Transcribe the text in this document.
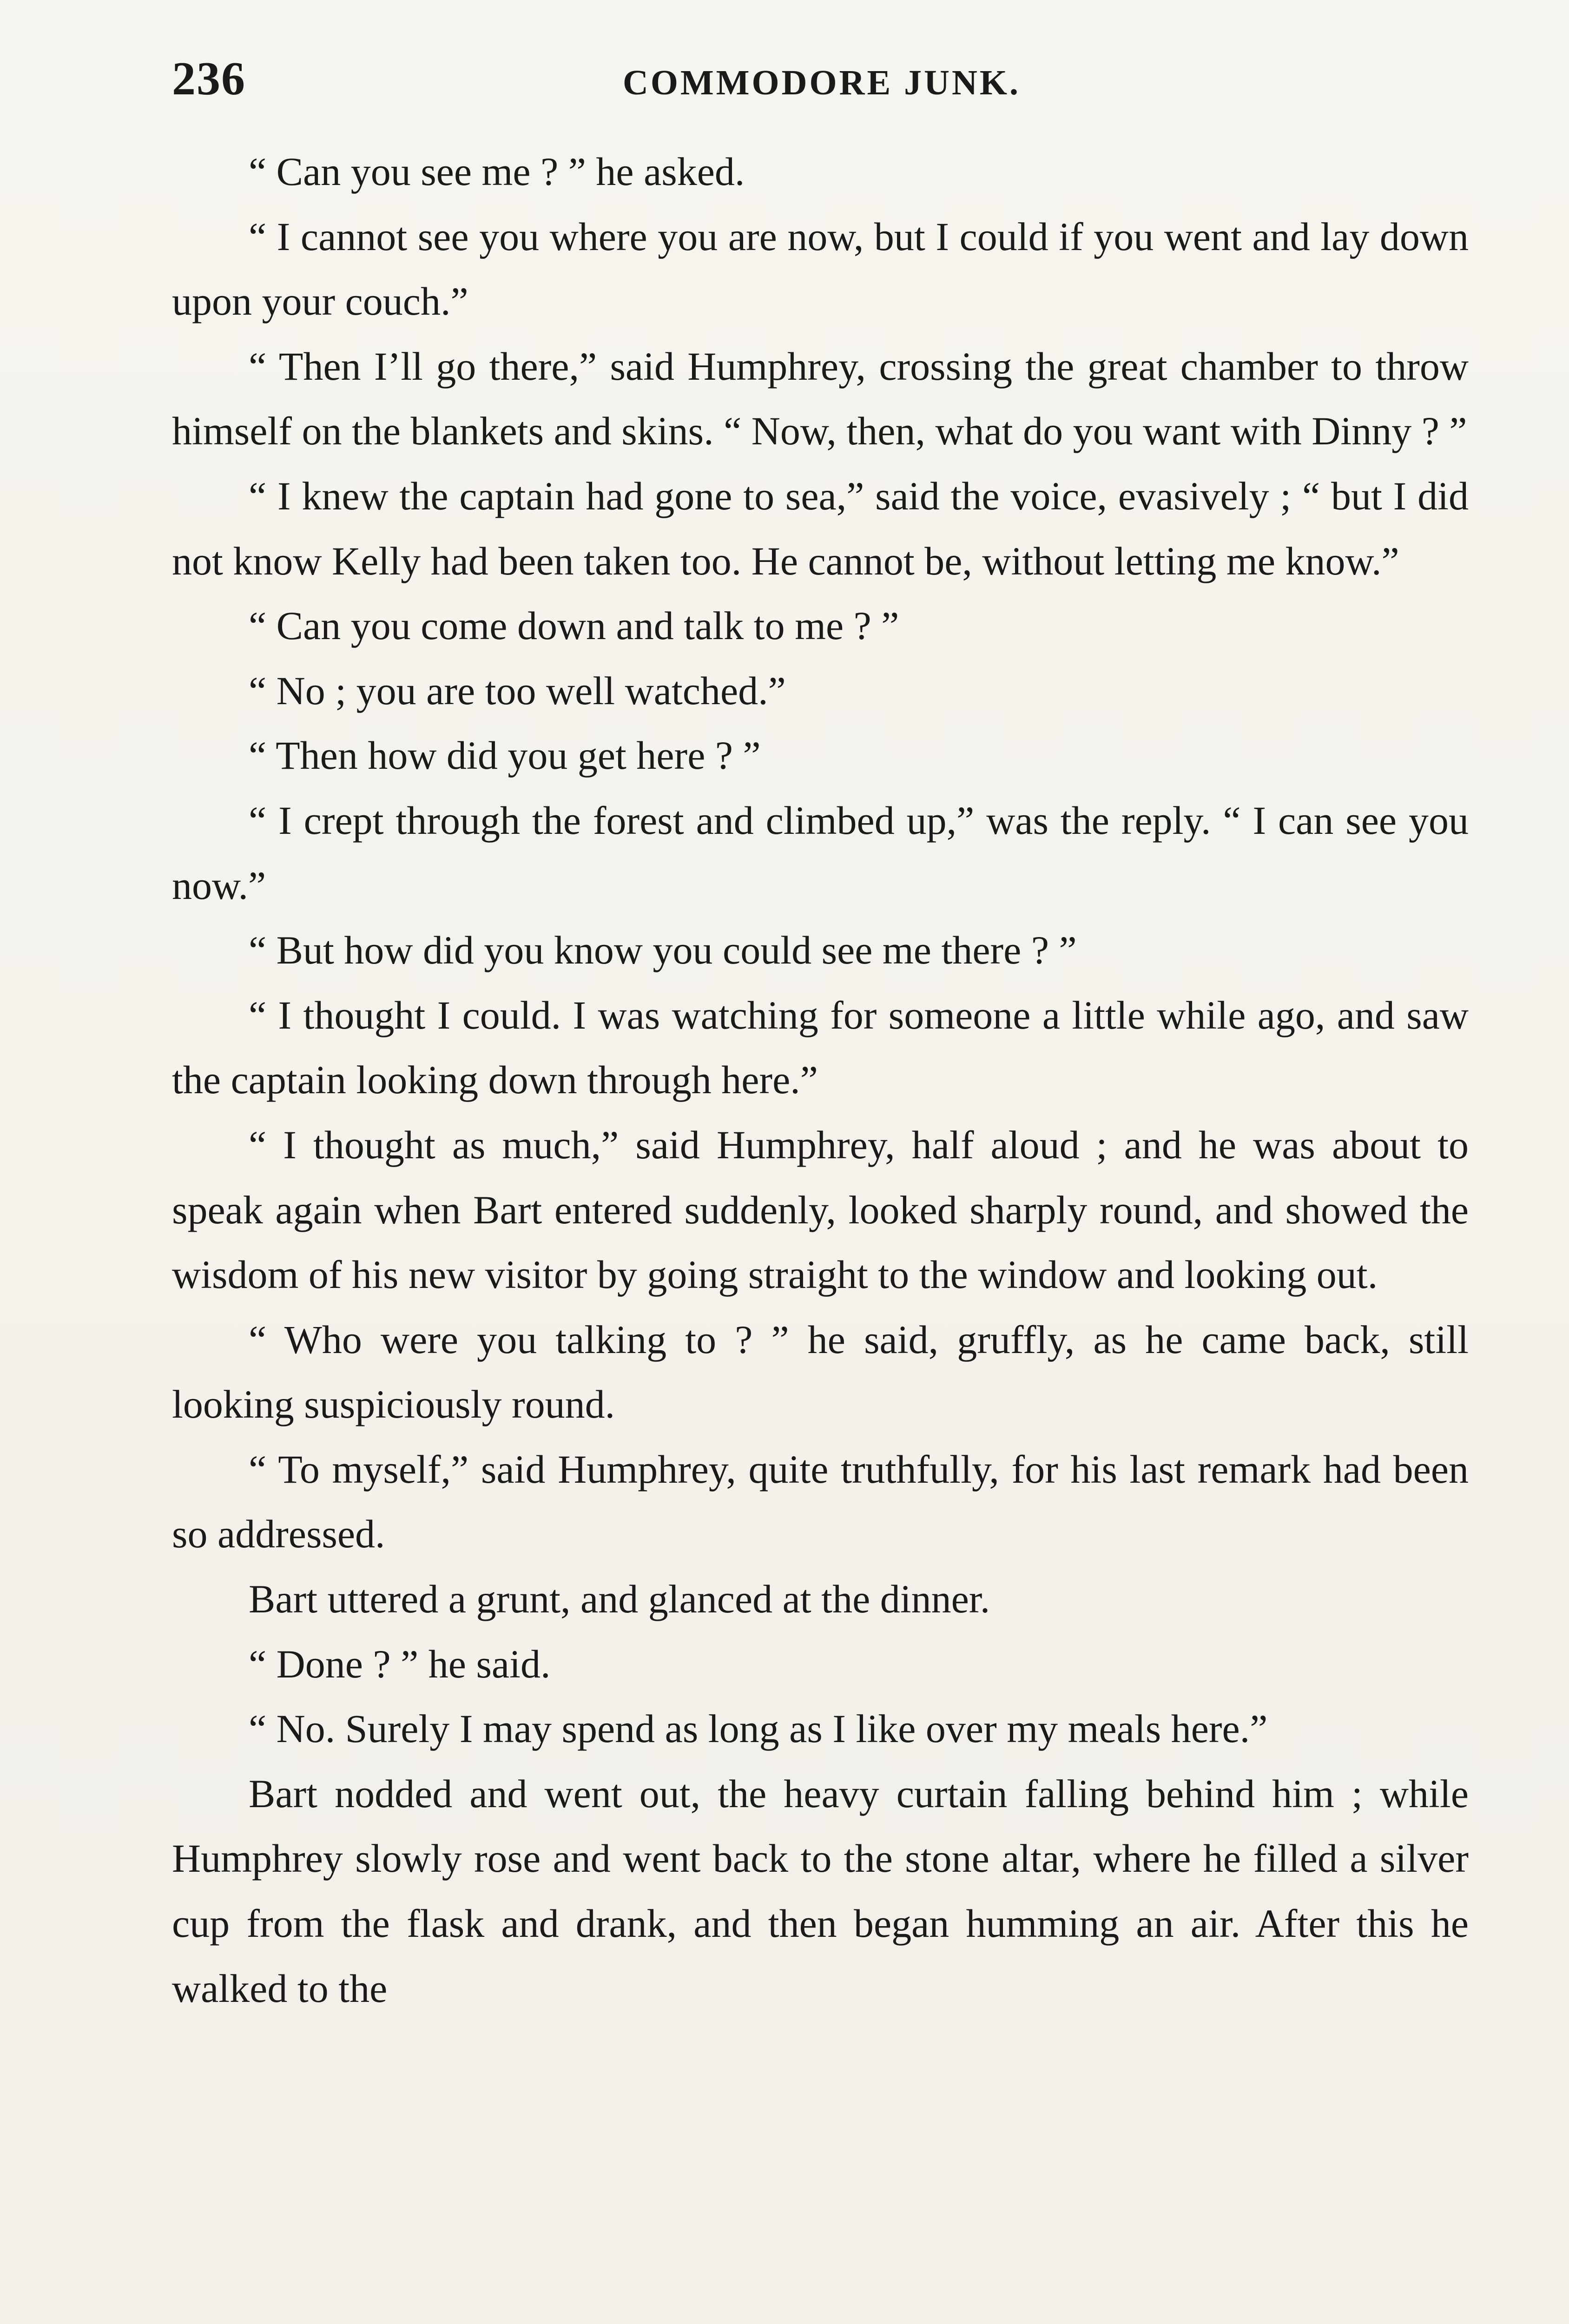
236	COMMODORE JUNK.

“ Can you see me ? ” he asked.

“ I cannot see you where you are now, but I could if you went and lay down upon your couch.”

“ Then I’ll go there,” said Humphrey, crossing the great chamber to throw himself on the blankets and skins. “ Now, then, what do you want with Dinny ? ”

“ I knew the captain had gone to sea,” said the voice, evasively ; “ but I did not know Kelly had been taken too. He cannot be, without letting me know.”

“ Can you come down and talk to me ? ”

“ No ; you are too well watched.”

“ Then how did you get here ? ”

“ I crept through the forest and climbed up,” was the reply. “ I can see you now.”

“ But how did you know you could see me there ? ”

“ I thought I could. I was watching for someone a little while ago, and saw the captain looking down through here.”

“ I thought as much,” said Humphrey, half aloud ; and he was about to speak again when Bart entered suddenly, looked sharply round, and showed the wisdom of his new visitor by going straight to the window and looking out.

“ Who were you talking to ? ” he said, gruffly, as he came back, still looking suspiciously round.

“ To myself,” said Humphrey, quite truthfully, for his last remark had been so addressed.

Bart uttered a grunt, and glanced at the dinner.

“ Done ? ” he said.

“ No. Surely I may spend as long as I like over my meals here.”

Bart nodded and went out, the heavy curtain falling behind him ; while Humphrey slowly rose and went back to the stone altar, where he filled a silver cup from the flask and drank, and then began humming an air. After this he walked to the
